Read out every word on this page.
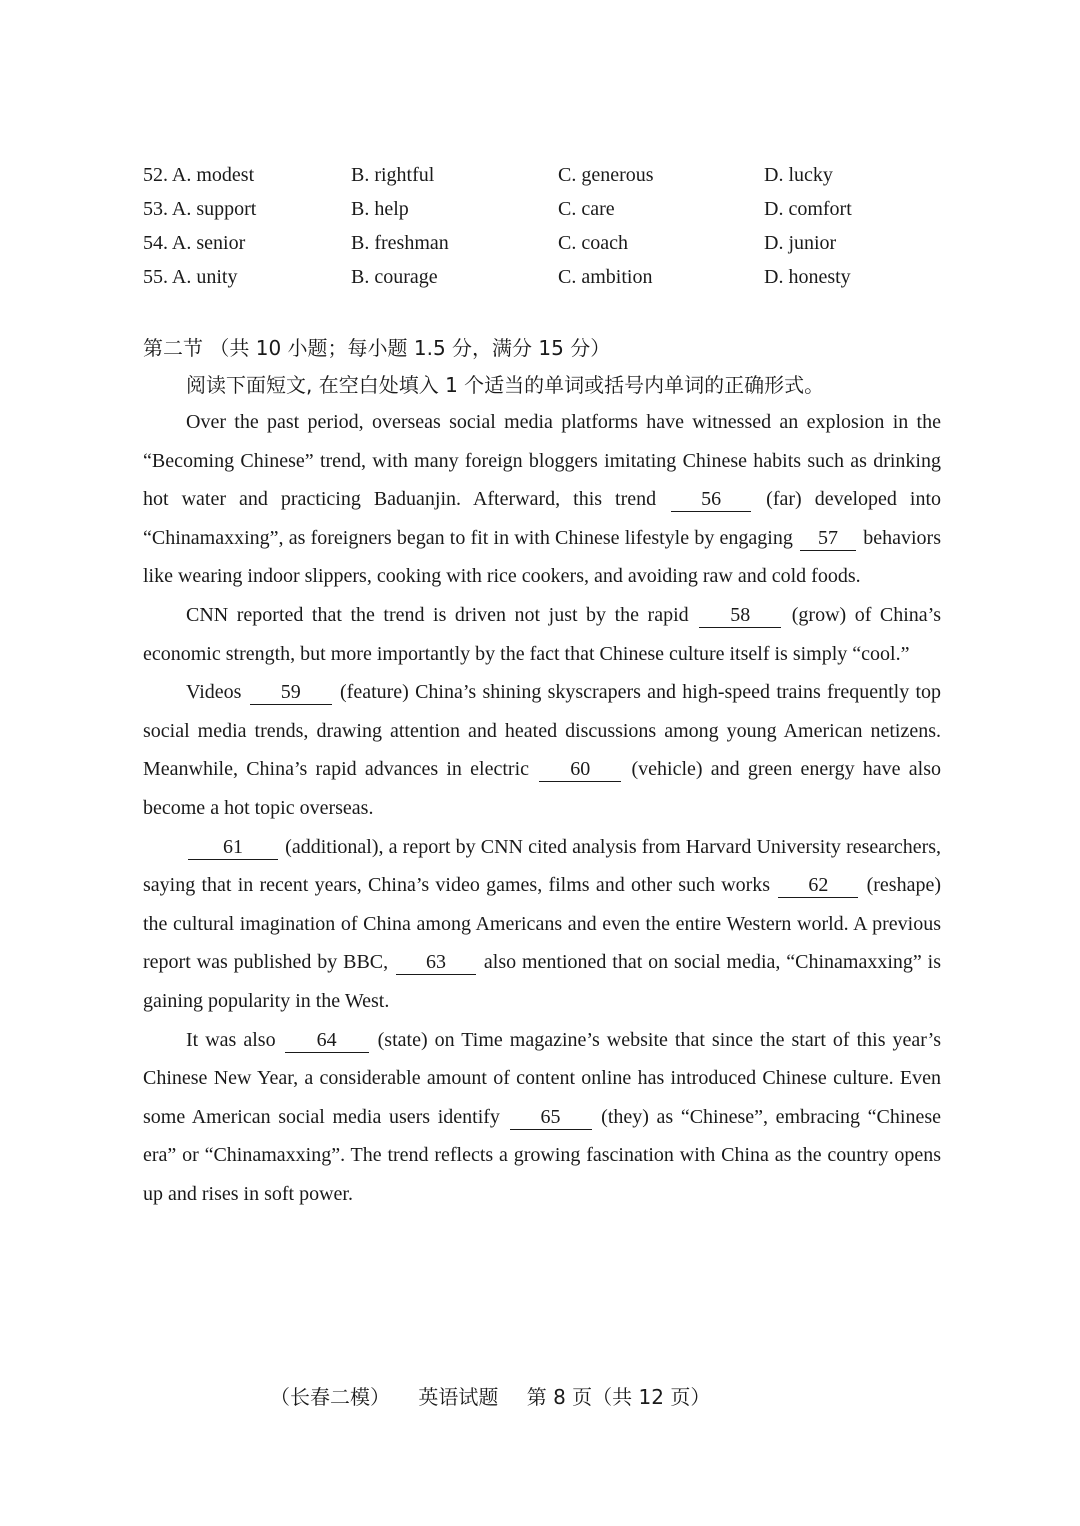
52. A. modest	B. rightful	C. generous	D. lucky
53. A. support	B. help	C. care	D. comfort
54. A. senior	B. freshman	C. coach	D. junior
55. A. unity	B. courage	C. ambition	D. honesty
第二节 （共 10 小题；每小题 1.5 分，满分 15 分）
阅读下面短文, 在空白处填入 1 个适当的单词或括号内单词的正确形式。

Over the past period, overseas social media platforms have witnessed an explosion in the “Becoming Chinese” trend, with many foreign bloggers imitating Chinese habits such as drinking hot water and practicing Baduanjin. Afterward, this trend 56 (far) developed into “Chinamaxxing”, as foreigners began to fit in with Chinese lifestyle by engaging 57 behaviors like wearing indoor slippers, cooking with rice cookers, and avoiding raw and cold foods.

CNN reported that the trend is driven not just by the rapid 58 (grow) of China’s economic strength, but more importantly by the fact that Chinese culture itself is simply “cool.”

Videos 59 (feature) China’s shining skyscrapers and high-speed trains frequently top social media trends, drawing attention and heated discussions among young American netizens. Meanwhile, China’s rapid advances in electric 60 (vehicle) and green energy have also become a hot topic overseas.

61 (additional), a report by CNN cited analysis from Harvard University researchers, saying that in recent years, China’s video games, films and other such works 62 (reshape) the cultural imagination of China among Americans and even the entire Western world. A previous report was published by BBC, 63 also mentioned that on social media, “Chinamaxxing” is gaining popularity in the West.

It was also 64 (state) on Time magazine’s website that since the start of this year’s Chinese New Year, a considerable amount of content online has introduced Chinese culture. Even some American social media users identify 65 (they) as “Chinese”, embracing “Chinese era” or “Chinamaxxing”. The trend reflects a growing fascination with China as the country opens up and rises in soft power.

（长春二模） 英语试题 第 8 页（共 12 页）
